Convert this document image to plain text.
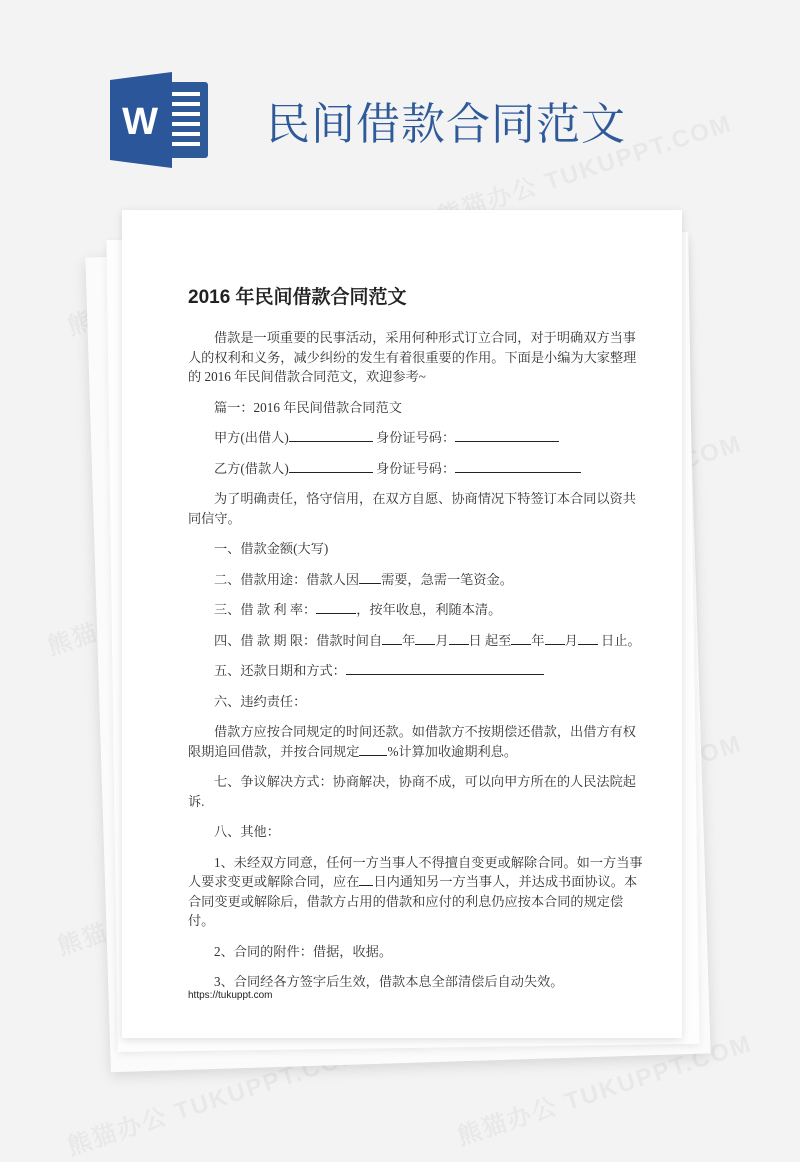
W 民间借款合同范文
2016 年民间借款合同范文

借款是一项重要的民事活动，采用何种形式订立合同，对于明确双方当事人的权利和义务，减少纠纷的发生有着很重要的作用。下面是小编为大家整理的 2016 年民间借款合同范文，欢迎参考~

篇一：2016 年民间借款合同范文

甲方(出借人)	身份证号码：

乙方(借款人)	身份证号码：

为了明确责任，恪守信用，在双方自愿、协商情况下特签订本合同以资共同信守。

一、借款金额(大写)

二、借款用途：借款人因 需要，急需一笔资金。

三、借 款 利 率：	，按年收息，利随本清。

四、借 款 期 限：借款时间自 年 月 日 起至 年 月 日止。

五、还款日期和方式：

六、违约责任：

借款方应按合同规定的时间还款。如借款方不按期偿还借款，出借方有权限期追回借款，并按合同规定 %计算加收逾期利息。

七、争议解决方式：协商解决，协商不成，可以向甲方所在的人民法院起诉.

八、其他：

1、未经双方同意，任何一方当事人不得擅自变更或解除合同。如一方当事人要求变更或解除合同，应在 日内通知另一方当事人，并达成书面协议。本合同变更或解除后，借款方占用的借款和应付的利息仍应按本合同的规定偿付。

2、合同的附件：借据，收据。

3、合同经各方签字后生效，借款本息全部清偿后自动失效。

https://tukuppt.com
